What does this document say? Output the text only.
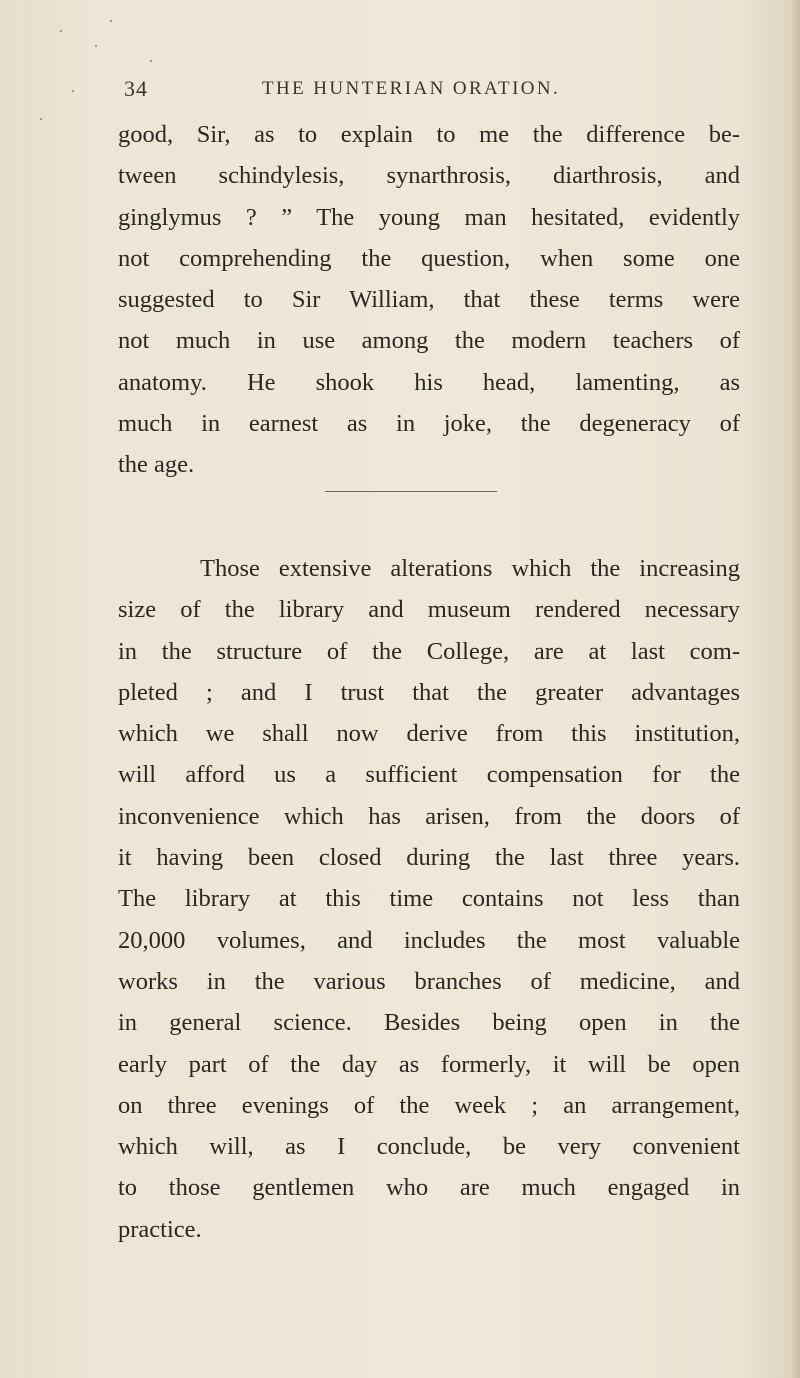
34	THE HUNTERIAN ORATION.
good, Sir, as to explain to me the difference be-
tween schindylesis, synarthrosis, diarthrosis, and
ginglymus ? ” The young man hesitated, evidently
not comprehending the question, when some one
suggested to Sir William, that these terms were
not much in use among the modern teachers of
anatomy. He shook his head, lamenting, as
much in earnest as in joke, the degeneracy of
the age.
Those extensive alterations which the increasing
size of the library and museum rendered necessary
in the structure of the College, are at last com-
pleted ; and I trust that the greater advantages
which we shall now derive from this institution,
will afford us a sufficient compensation for the
inconvenience which has arisen, from the doors of
it having been closed during the last three years.
The library at this time contains not less than
20,000 volumes, and includes the most valuable
works in the various branches of medicine, and
in general science. Besides being open in the
early part of the day as formerly, it will be open
on three evenings of the week ; an arrangement,
which will, as I conclude, be very convenient
to those gentlemen who are much engaged in
practice.
